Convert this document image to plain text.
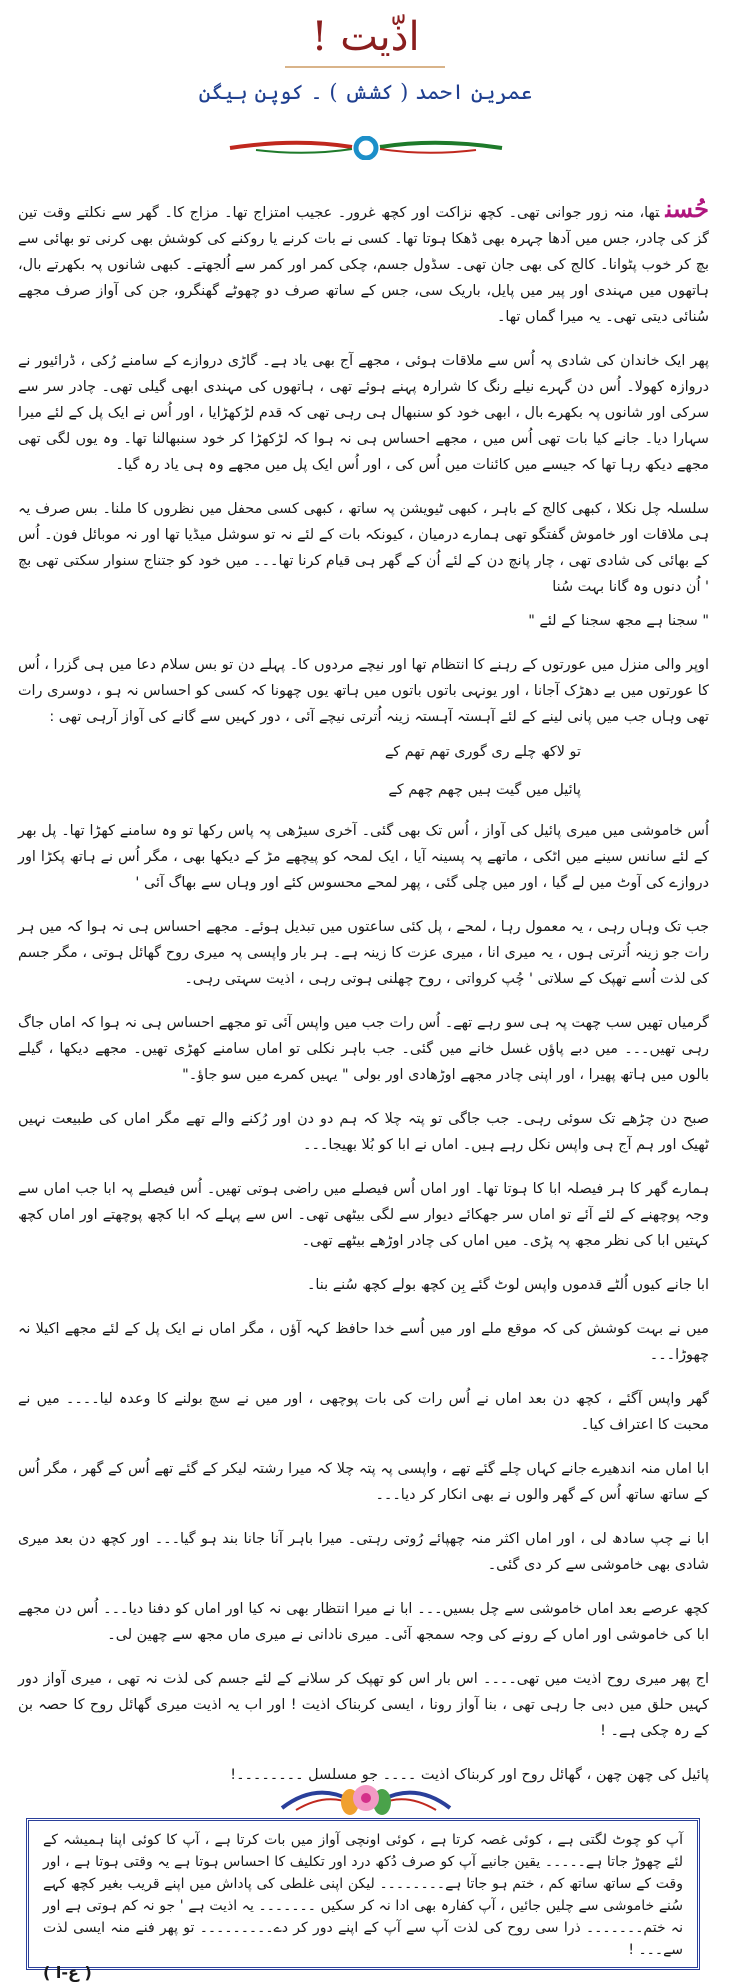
اذّیت !
عمرین احمد ( کشش ) ۔ کوپن ہیگن

حُسنتھا، منہ زور جوانی تھی۔ کچھ نزاکت اور کچھ غرور۔ عجیب امتزاج تھا۔ مزاج کا۔ گھر سے نکلتے وقت تین گز کی چادر، جس میں آدھا چہرہ بھی ڈھکا ہوتا تھا۔ کسی نے بات کرنے یا روکنے کی کوشش بھی کرنی تو بھائی سے بچ کر خوب پٹوانا۔ کالج کی بھی جان تھی۔ سڈول جسم، چکی کمر اور کمر سے اُلجھتے۔ کبھی شانوں پہ بکھرتے بال، ہاتھوں میں مہندی اور پیر میں پایل، باریک سی، جس کے ساتھ صرف دو چھوٹے گھنگرو، جن کی آواز صرف مجھے سُنائی دیتی تھی۔ یہ میرا گماں تھا۔

پھر ایک خاندان کی شادی پہ اُس سے ملاقات ہوئی ، مجھے آج بھی یاد ہے۔ گاڑی دروازے کے سامنے رُکی ، ڈرائیور نے دروازہ کھولا۔ اُس دن گہرے نیلے رنگ کا شرارہ پہنے ہوئے تھی ، ہاتھوں کی مہندی ابھی گیلی تھی۔ چادر سر سے سرکی اور شانوں پہ بکھرے بال ، ابھی خود کو سنبھال ہی رہی تھی کہ قدم لڑکھڑایا ، اور اُس نے ایک پل کے لئے میرا سہارا دیا۔ جانے کیا بات تھی اُس میں ، مجھے احساس ہی نہ ہوا کہ لڑکھڑا کر خود سنبھالنا تھا۔ وہ یوں لگی تھی مجھے دیکھ رہا تھا کہ جیسے میں کائنات میں اُس کی ، اور اُس ایک پل میں مجھے وہ ہی یاد رہ گیا۔

سلسلہ چل نکلا ، کبھی کالج کے باہر ، کبھی ٹیویشن پہ ساتھ ، کبھی کسی محفل میں نظروں کا ملنا۔ بس صرف یہ ہی ملاقات اور خاموش گفتگو تھی ہمارے درمیان ، کیونکہ بات کے لئے نہ تو سوشل میڈیا تھا اور نہ موبائل فون۔ اُس کے بھائی کی شادی تھی ، چار پانچ دن کے لئے اُن کے گھر ہی قیام کرنا تھا۔۔۔ میں خود کو جتناج سنوار سکتی تھی بچ ' اُن دنوں وہ گانا بہت سُنا

" سجنا ہے مجھ سجنا کے لئے "

اوپر والی منزل میں عورتوں کے رہنے کا انتظام تھا اور نیچے مردوں کا۔ پہلے دن تو بس سلام دعا میں ہی گزرا ، اُس کا عورتوں میں بے دھڑک آجانا ، اور یونہی باتوں باتوں میں ہاتھ یوں چھونا کہ کسی کو احساس نہ ہو ، دوسری رات تھی وہاں جب میں پانی لینے کے لئے آہستہ آہستہ زینہ اُترتی نیچے آئی ، دور کہیں سے گانے کی آواز آرہی تھی :

تو لاکھ چلے ری گوری تھم تھم کے

پائیل میں گیت ہیں چھم چھم کے

اُس خاموشی میں میری پائیل کی آواز ، اُس تک بھی گئی۔ آخری سیڑھی پہ پاس رکھا تو وہ سامنے کھڑا تھا۔ پل بھر کے لئے سانس سینے میں اٹکی ، ماتھے پہ پسینہ آیا ، ایک لمحہ کو پیچھے مڑ کے دیکھا بھی ، مگر اُس نے ہاتھ پکڑا اور دروازے کی آوٹ میں لے گیا ، اور میں چلی گئی ، پھر لمحے محسوس کئے اور وہاں سے بھاگ آئی '

جب تک وہاں رہی ، یہ معمول رہا ، لمحے ، پل کئی ساعتوں میں تبدیل ہوئے۔ مجھے احساس ہی نہ ہوا کہ میں ہر رات جو زینہ اُترتی ہوں ، یہ میری انا ، میری عزت کا زینہ ہے۔ ہر بار واپسی پہ میری روح گھائل ہوتی ، مگر جسم کی لذت اُسے تھپک کے سلاتی ' چُپ کرواتی ، روح چھلنی ہوتی رہی ، اذیت سہتی رہی۔

گرمیاں تھیں سب چھت پہ ہی سو رہے تھے۔ اُس رات جب میں واپس آئی تو مجھے احساس ہی نہ ہوا کہ اماں جاگ رہی تھیں۔۔۔ میں دبے پاؤں غسل خانے میں گئی۔ جب باہر نکلی تو اماں سامنے کھڑی تھیں۔ مجھے دیکھا ، گیلے بالوں میں ہاتھ پھیرا ، اور اپنی چادر مجھے اوڑھادی اور بولی " یہیں کمرے میں سو جاؤ۔"

صبح دن چڑھے تک سوئی رہی۔ جب جاگی تو پتہ چلا کہ ہم دو دن اور رُکنے والے تھے مگر اماں کی طبیعت نہیں ٹھیک اور ہم آج ہی واپس نکل رہے ہیں۔ اماں نے ابا کو بُلا بھیجا۔۔۔

ہمارے گھر کا ہر فیصلہ ابا کا ہوتا تھا۔ اور اماں اُس فیصلے میں راضی ہوتی تھیں۔ اُس فیصلے پہ ابا جب اماں سے وجہ پوچھنے کے لئے آئے تو اماں سر جھکائے دیوار سے لگی بیٹھی تھی۔ اس سے پہلے کہ ابا کچھ پوچھتے اور اماں کچھ کہتیں ابا کی نظر مجھ پہ پڑی۔ میں اماں کی چادر اوڑھے بیٹھے تھی۔

ابا جانے کیوں اُلٹے قدموں واپس لوٹ گئے بِن کچھ بولے کچھ سُنے بنا۔

میں نے بہت کوشش کی کہ موقع ملے اور میں اُسے خدا حافظ کہہ آؤں ، مگر اماں نے ایک پل کے لئے مجھے اکیلا نہ چھوڑا۔۔۔

گھر واپس آگئے ، کچھ دن بعد اماں نے اُس رات کی بات پوچھی ، اور میں نے سچ بولنے کا وعدہ لیا۔۔۔۔ میں نے محبت کا اعتراف کیا۔

ابا اماں منہ اندھیرے جانے کہاں چلے گئے تھے ، واپسی پہ پتہ چلا کہ میرا رشتہ لیکر کے گئے تھے اُس کے گھر ، مگر اُس کے ساتھ ساتھ اُس کے گھر والوں نے بھی انکار کر دیا۔۔۔

ابا نے چپ سادھ لی ، اور اماں اکثر منہ چھپائے رُوتی رہتی۔ میرا باہر آنا جانا بند ہو گیا۔۔۔ اور کچھ دن بعد میری شادی بھی خاموشی سے کر دی گئی۔

کچھ عرصے بعد اماں خاموشی سے چل بسیں۔۔۔ ابا نے میرا انتظار بھی نہ کیا اور اماں کو دفنا دیا۔۔۔ اُس دن مجھے ابا کی خاموشی اور اماں کے رونے کی وجہ سمجھ آئی۔ میری نادانی نے میری ماں مجھ سے چھین لی۔

اج پھر میری روح اذیت میں تھی۔۔۔۔ اس بار اس کو تھپک کر سلانے کے لئے جسم کی لذت نہ تھی ، میری آواز دور کہیں حلق میں دبی جا رہی تھی ، بنا آواز رونا ، ایسی کربناک اذیت ! اور اب یہ اذیت میری گھائل روح کا حصہ بن کے رہ چکی ہے۔ !

پائیل کی چھن چھن ، گھائل روح اور کربناک اذیت ۔۔۔۔ جو مسلسل ۔۔۔۔۔۔۔۔!

آپ کو چوٹ لگتی ہے ، کوئی غصہ کرتا ہے ، کوئی اونچی آواز میں بات کرتا ہے ، آپ کا کوئی اپنا ہمیشہ کے لئے چھوڑ جاتا ہے۔۔۔۔۔ یقین جانیے آپ کو صرف دُکھ درد اور تکلیف کا احساس ہوتا ہے یہ وقتی ہوتا ہے ، اور وقت کے ساتھ ساتھ کم ، ختم ہو جاتا ہے۔۔۔۔۔۔۔۔ لیکن اپنی غلطی کی پاداش میں اپنے قریب بغیر کچھ کہے سُنے خاموشی سے چلیں جائیں ، آپ کفارہ بھی ادا نہ کر سکیں ۔۔۔۔۔۔۔ یہ اذیت ہے ' جو نہ کم ہوتی ہے اور نہ ختم۔۔۔۔۔۔۔ ذرا سی روح کی لذت آپ سے آپ کے اپنے دور کر دے۔۔۔۔۔۔۔۔۔ تو پھر فنے منہ ایسی لذت سے۔۔۔ !

( ع-ا )
